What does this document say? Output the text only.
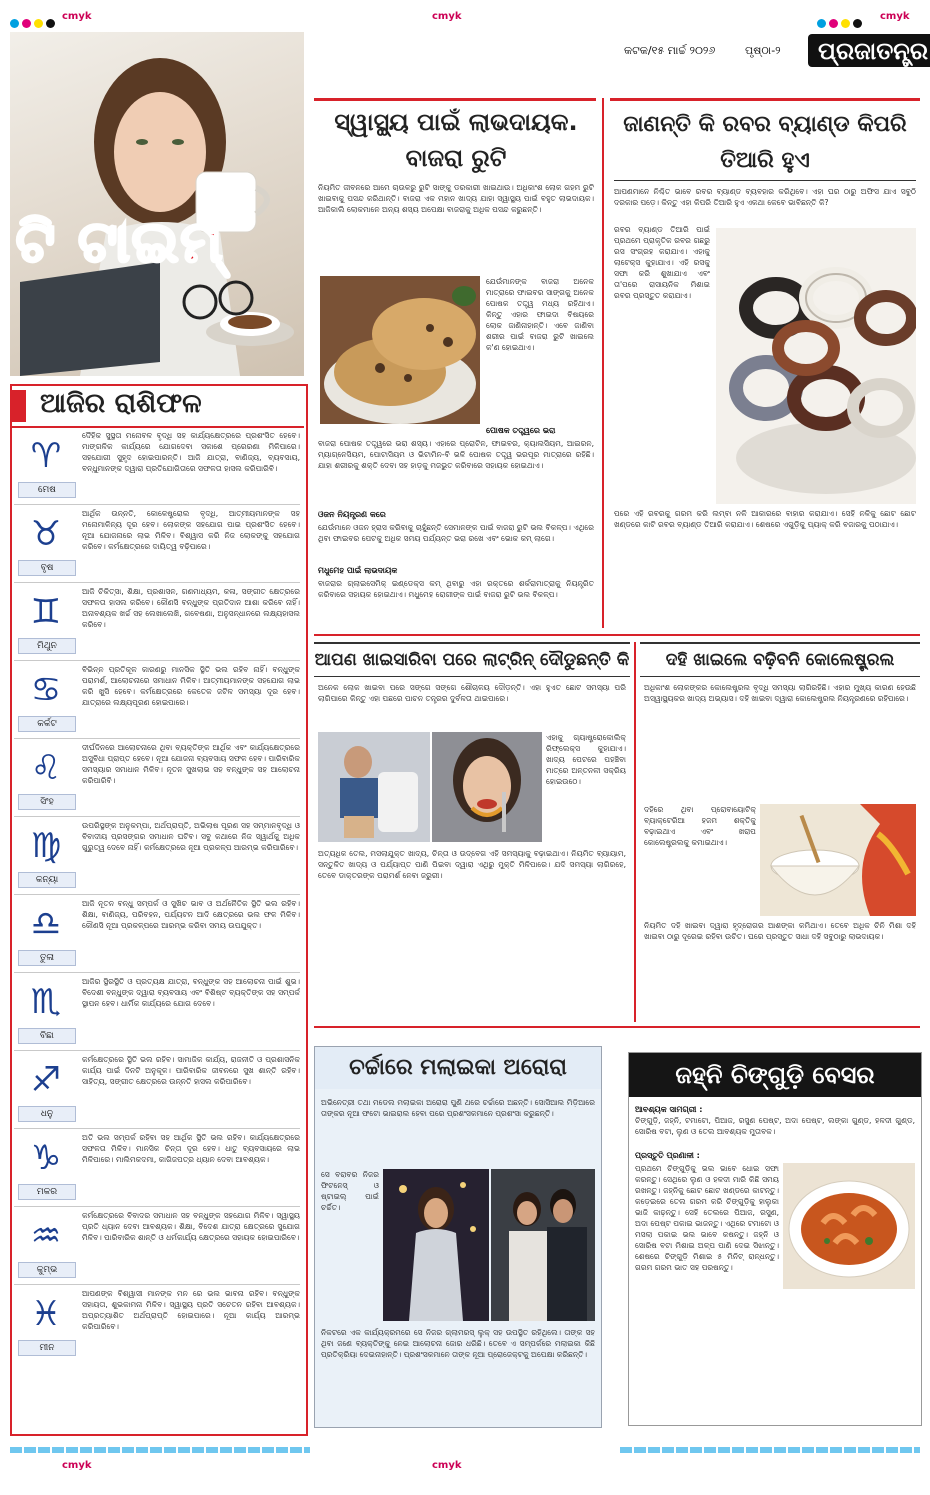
cmyk	cmyk	cmyk
କଟକ/୧୫ ମାର୍ଚ୍ଚ ୨୦୨୬	ପୃଷ୍ଠା-୨	ପ୍ରଜାତନ୍ତ୍ର
ଟି ଟାଇମ୍
ଆଜିର ରାଶିଫଳ
♈
ମେଷ
ଦୈହିକ ସୁସ୍ଥତା ମନୋବଳ ବୃଦ୍ଧି ସହ କାର୍ଯ୍ୟକ୍ଷେତ୍ରରେ ପ୍ରଶଂସିତ ହେବେ। ମାଙ୍ଗଳିକ କାର୍ଯ୍ୟରେ ଯୋଗଦେବା ସକାଶେ ପ୍ରେରଣା ମିଳିପାରେ। ସହଯୋଗୀ ସୁହୃଦ ହୋଇପାରନ୍ତି। ଆଜି ଯାତ୍ରା, ବାଣିଜ୍ୟ, ବ୍ୟବସାୟ, ବନ୍ଧୁମାନଙ୍କ ଦ୍ୱାରା ପ୍ରତିଯୋଗିତାରେ ସଫଳତା ହାସଲ କରିପାରିବି।
♉
ବୃଷ
ଆର୍ଥିକ ଉନ୍ନତି, କୋଳେଷ୍ଟ୍ରୋଲ ବୃଦ୍ଧି, ଆତ୍ମୀୟମାନଙ୍କ ସହ ମନୋମାଳିନ୍ୟ ଦୂର ହେବ। ଲୋକଙ୍କ ସହଯୋଗ ପାଇ ପ୍ରଶଂସିତ ହେବେ। ନୂଆ ଯୋଜନାରେ ଲାଭ ମିଳିବ। ବିଶ୍ୱାସ କରି ନିଜ ଲୋକଙ୍କୁ ସହଯୋଗ କରିବେ। କର୍ମକ୍ଷେତ୍ରରେ ଦାୟିତ୍ୱ ବଢ଼ିପାରେ।
♊
ମିଥୁନ
ଆଜି ଚିକିତ୍ସା, ଶିକ୍ଷା, ପ୍ରଶାସନ, ଗଣମାଧ୍ୟମ, କଳା, ସଙ୍ଗୀତ କ୍ଷେତ୍ରରେ ସଫଳତା ହାସଲ କରିବେ। କୌଣସି ବନ୍ଧୁଙ୍କ ପ୍ରତିଦାନ ଆଶା କରିବେ ନାହିଁ। ଅନାବଶ୍ୟକ ଖର୍ଚ୍ଚ ସହ ଲେଖାଲେଖି, ଗବେଷଣା, ଅନୁସନ୍ଧାନରେ ଲକ୍ଷ୍ୟହାସଲ କରିବେ।
♋
କର୍କଟ
ବିଭିନ୍ନ ପ୍ରତିକୂଳ କାରଣରୁ ମାନସିକ ସ୍ଥିତି ଭଲ ରହିବ ନାହିଁ। ବନ୍ଧୁଙ୍କ ପରାମର୍ଶ, ଆଲୋଚନାରେ ସମାଧାନ ମିଳିବ। ଆତ୍ମୀୟମାନଙ୍କ ସହଯୋଗ ଲାଭ କରି ଖୁସି ହେବେ। କର୍ମକ୍ଷେତ୍ରରେ କେତେକ ଜଟିଳ ସମସ୍ୟା ଦୂର ହେବ। ଯାତ୍ରାରେ ଲକ୍ଷ୍ୟପୂରଣ ହୋଇପାରେ।
♌
ସିଂହ
ଦୀର୍ଘଦିନରେ ଆଲୋଚନାରେ ଥିବା ବ୍ୟକ୍ତିଙ୍କ ଆର୍ଥିକ ଏବଂ କାର୍ଯ୍ୟକ୍ଷେତ୍ରରେ ଅସୁବିଧା ପ୍ରାପ୍ତ ହେବେ। ନୂଆ ଯୋଜନା ବ୍ୟବସାୟ ସଫଳ ହେବ। ପାରିବାରିକ ସମସ୍ୟାର ସମାଧାନ ମିଳିବ। ନୂତନ ସୁଖଲାଭ ସହ ବନ୍ଧୁଙ୍କ ସହ ଆଲୋଚନା କରିପାରିବି।
♍
କନ୍ୟା
ଉପରିସ୍ଥଙ୍କ ଅନୁକମ୍ପା, ଅର୍ଥପ୍ରାପ୍ତି, ଅଭିଲାଷ ପୂରଣ ସହ ସମ୍ମାନବୃଦ୍ଧି ଓ ବିବାଦୀୟ ପ୍ରସଙ୍ଗର ସମାଧାନ ଘଟିବ। ସବୁ କଥାରେ ନିଜ ସ୍ୱାର୍ଥକୁ ଅଧିକ ଗୁରୁତ୍ୱ ଦେବେ ନାହିଁ। କର୍ମକ୍ଷେତ୍ରରେ ନୂଆ ପ୍ରକଳ୍ପ ଆରମ୍ଭ କରିପାରିବେ।
♎
ତୁଳା
ଆଜି ନୂତନ ବନ୍ଧୁ ସମ୍ପର୍କ ଓ ସୁଖିଚ ଭାବ ଓ ଅର୍ଥନୈତିକ ସ୍ଥିତି ଭଲ ରହିବ। ଶିକ୍ଷା, ବାଣିଜ୍ୟ, ପରିବହନ, ପର୍ଯ୍ୟଟନ ଆଦି କ୍ଷେତ୍ରରେ ଭଲ ଫଳ ମିଳିବ। କୌଣସି ନୂଆ ପ୍ରକଳ୍ପରେ ଆରମ୍ଭ କରିବା ସମୟ ଉପଯୁକ୍ତ।
♏
ବିଛା
ଆଜିର ସ୍ଥିରସ୍ଥିତି ଓ ପ୍ରତ୍ୟକ୍ଷ ଯାତ୍ରା, ବନ୍ଧୁଙ୍କ ସହ ଆଲୋଚନା ପାଇଁ ଶୁଭ। ବିଦେଶୀ ବନ୍ଧୁଙ୍କ ଦ୍ୱାରା ବ୍ୟବସାୟ ଏବଂ ବିଶିଷ୍ଟ ବ୍ୟକ୍ତିଙ୍କ ସହ ସମ୍ପର୍କ ସ୍ଥାପନ ହେବ। ଧାର୍ମିକ କାର୍ଯ୍ୟରେ ଯୋଗ ଦେବେ।
♐
ଧନୁ
କର୍ମକ୍ଷେତ୍ରରେ ସ୍ଥିତି ଭଲ ରହିବ। ସାମାଜିକ କାର୍ଯ୍ୟ, ରାଜନୀତି ଓ ପ୍ରଶାସନିକ କାର୍ଯ୍ୟ ପାଇଁ ଦିନଟି ଅନୁକୂଳ। ପାରିବାରିକ ଜୀବନରେ ସୁଖ ଶାନ୍ତି ରହିବ। ସାହିତ୍ୟ, ସଙ୍ଗୀତ କ୍ଷେତ୍ରରେ ଉନ୍ନତି ହାସଲ କରିପାରିବେ।
♑
ମକର
ଅତି ଭଲ ସମ୍ପର୍କ ରହିବା ସହ ଆର୍ଥିକ ସ୍ଥିତି ଭଲ ରହିବ। କାର୍ଯ୍ୟକ୍ଷେତ୍ରରେ ସଫଳତା ମିଳିବ। ମାନସିକ ଚିନ୍ତା ଦୂର ହେବ। ଧାତୁ ବ୍ୟବସାୟରେ ଲାଭ ମିଳିପାରେ। ମାଲିମକଦମା, କାଗିଜପତ୍ର ଧ୍ୟାନ ଦେବା ଆବଶ୍ୟକ।
♒
କୁମ୍ଭ
କର୍ମକ୍ଷେତ୍ରରେ ବିବାଦର ସମାଧାନ ସହ ବନ୍ଧୁଙ୍କ ସହଯୋଗ ମିଳିବ। ସ୍ୱାସ୍ଥ୍ୟ ପ୍ରତି ଧ୍ୟାନ ଦେବା ଆବଶ୍ୟକ। ଶିକ୍ଷା, ବିଦେଶ ଯାତ୍ରା କ୍ଷେତ୍ରରେ ସୁଯୋଗ ମିଳିବ। ପାରିବାରିକ ଶାନ୍ତି ଓ ଧର୍ମକାର୍ଯ୍ୟ କ୍ଷେତ୍ରରେ ସହାୟକ ହୋଇପାରିବେ।
♓
ମୀନ
ଆପଣଙ୍କ ବିଶ୍ୱାସୀ ମାନଙ୍କ ମନ ରେ ଭଲ ଭାବନା ରହିବ। ବନ୍ଧୁଙ୍କ ସହାୟତା, ଶୁଭକାମନା ମିଳିବ। ସ୍ୱାସ୍ଥ୍ୟ ପ୍ରତି ସଚେତନ ରହିବା ଆବଶ୍ୟକ। ଅପ୍ରତ୍ୟାଶିତ ଅର୍ଥପ୍ରାପ୍ତି ହୋଇପାରେ। ନୂଆ କାର୍ଯ୍ୟ ଆରମ୍ଭ କରିପାରିବେ।
ସ୍ୱାସ୍ଥ୍ୟ ପାଇଁ ଲାଭଦାୟକ.
ବାଜରା ରୁଟି
ନିୟମିତ ଜୀବନରେ ଆମେ ଚାଉଳରୁ ରୁଟି ସାଙ୍କୁ ଡରକାରୀ ଖାଇଥାଉ। ଅଧିକାଂଶ ଲୋକ ଗହମ ରୁଟି ଖାଇବାକୁ ପସନ୍ଦ କରିଥାନ୍ତି। ବାଜରା ଏକ ମହାନ ଖାଦ୍ୟ ଯାହା ସ୍ୱାସ୍ଥ୍ୟ ପାଇଁ ବହୁତ ଲାଭଦାୟକ। ଆଜିକାଲି ଲୋକମାନେ ଅନ୍ୟ ଶସ୍ୟ ଅପେକ୍ଷା ବାଜରାକୁ ଅଧିକ ପସନ୍ଦ କରୁଛନ୍ତି।
ଯେଉଁମାନଙ୍କ ବାଜରା ଅନେକ ମାତ୍ରାରେ ଫାଇବର ସାଙ୍ଗକୁ ଅନେକ ପୋଷକ ତତ୍ତ୍ୱ ମଧ୍ୟ ରହିଥାଏ। କିନ୍ତୁ ଏହାର ଫାଇଦା ବିଷୟରେ ଲୋକ ଜାଣିନାହାନ୍ତି। ଏବେ ଜାଣିବା ଶରୀର ପାଇଁ ବାଜରା ରୁଟି ଖାଇଲେ କ'ଣ ହୋଇଥାଏ।
ପୋଷକ ତତ୍ତ୍ୱରେ ଭରା
ବାଜରା ପୋଷକ ତତ୍ତ୍ୱରେ ଭରା ଶସ୍ୟ। ଏହାରେ ପ୍ରୋଟିନ, ଫାଇବର, କ୍ୟାଲସିୟମ, ଆଇରନ, ମ୍ୟାଗ୍ନେସିୟମ, ପୋଟାସିୟମ ଓ ଭିଟାମିନ-ବି ଭଳି ପୋଷକ ତତ୍ତ୍ୱ ଭରପୂର ମାତ୍ରାରେ ରହିଛି। ଯାହା ଶରୀରକୁ ଶକ୍ତି ଦେବା ସହ ହାଡ଼କୁ ମଜଭୁତ କରିବାରେ ସହାୟକ ହୋଇଥାଏ।
ଓଜନ ନିୟନ୍ତ୍ରଣ କରେ
ଯେଉଁମାନେ ଓଜନ ହ୍ରାସ କରିବାକୁ ଚାହୁଁଛନ୍ତି ସେମାନଙ୍କ ପାଇଁ ବାଜରା ରୁଟି ଭଲ ବିକଳ୍ପ। ଏଥିରେ ଥିବା ଫାଇବର ପେଟକୁ ଅଧିକ ସମୟ ପର୍ଯ୍ୟନ୍ତ ଭରା ରଖେ ଏବଂ ଭୋକ କମ୍ ଲାଗେ।
ମଧୁମେହ ପାଇଁ ଲାଭଦାୟକ
ବାଜରାର ଗ୍ଲାଇସେମିକ୍ ଇଣ୍ଡେକ୍ସ କମ୍ ଥିବାରୁ ଏହା ରକ୍ତରେ ଶର୍କରାମାତ୍ରାକୁ ନିୟନ୍ତ୍ରିତ କରିବାରେ ସହାୟକ ହୋଇଥାଏ। ମଧୁମେହ ରୋଗୀଙ୍କ ପାଇଁ ବାଜରା ରୁଟି ଭଲ ବିକଳ୍ପ।
ଜାଣନ୍ତି କି ରବର ବ୍ୟାଣ୍ଡ କିପରି
ତିଆରି ହୁଏ
ଆପଣମାନେ ନିଶ୍ଚିତ ଭାବେ ରବର ବ୍ୟାଣ୍ଡ ବ୍ୟବହାର କରିଥିବେ। ଏହା ଘର ଠାରୁ ଅଫିସ ଯାଏ ସବୁଠି ଦରକାର ପଡ଼େ। କିନ୍ତୁ ଏହା କିପରି ତିଆରି ହୁଏ ଏକଥା କେବେ ଭାବିଛନ୍ତି କି?
ରବର ବ୍ୟାଣ୍ଡ ତିଆରି ପାଇଁ ପ୍ରଥମେ ପ୍ରାକୃତିକ ରବର ଗଛରୁ ରସ ସଂଗ୍ରହ କରାଯାଏ। ଏହାକୁ ଲାଟେକ୍ସ କୁହାଯାଏ। ଏହି ରସକୁ ସଫା କରି ଶୁଖାଯାଏ ଏବଂ ତା'ପରେ ରାସାୟନିକ ମିଶାଇ ରବର ପ୍ରସ୍ତୁତ କରାଯାଏ।
ପରେ ଏହି ରବରକୁ ଗରମ କରି ଲମ୍ବା ନଳି ଆକାରରେ ବାହାର କରାଯାଏ। ସେହି ନଳିକୁ ଛୋଟ ଛୋଟ ଖଣ୍ଡରେ କାଟି ରବର ବ୍ୟାଣ୍ଡ ତିଆରି କରାଯାଏ। ଶେଷରେ ଏଗୁଡ଼ିକୁ ପ୍ୟାକ୍ କରି ବଜାରକୁ ପଠାଯାଏ।
ଆପଣ ଖାଇସାରିବା ପରେ ଲାଟ୍ରିନ୍ ଦୌଡୁଛନ୍ତି କି
ଅନେକ ଲୋକ ଖାଇବା ପରେ ସଙ୍ଗେ ସଙ୍ଗେ ଶୌଚାଳୟ ଦୌଡ଼ନ୍ତି। ଏହା ହୁଏତ ଛୋଟ ସମସ୍ୟା ପରି ଲାଗିପାରେ କିନ୍ତୁ ଏହା ପଛରେ ପାଚନ ତନ୍ତ୍ରର ଦୁର୍ବଳତା ଥାଇପାରେ।
ଏହାକୁ ଗ୍ୟାଷ୍ଟ୍ରୋକୋଲିକ୍ ରିଫ୍ଲେକ୍ସ କୁହାଯାଏ। ଖାଦ୍ୟ ପେଟରେ ପହଞ୍ଚିବା ମାତ୍ରେ ଅନ୍ତନଳୀ ସକ୍ରିୟ ହୋଇଉଠେ।
ଅତ୍ୟଧିକ ତେଲ, ମସଲାଯୁକ୍ତ ଖାଦ୍ୟ, ଚିନ୍ତା ଓ ଉଦ୍ବେଗ ଏହି ସମସ୍ୟାକୁ ବଢ଼ାଇଥାଏ। ନିୟମିତ ବ୍ୟାୟାମ, ସନ୍ତୁଳିତ ଖାଦ୍ୟ ଓ ପର୍ଯ୍ୟାପ୍ତ ପାଣି ପିଇବା ଦ୍ୱାରା ଏଥିରୁ ମୁକ୍ତି ମିଳିପାରେ। ଯଦି ସମସ୍ୟା ଲାଗିରହେ, ତେବେ ଡାକ୍ତରଙ୍କ ପରାମର୍ଶ ନେବା ଜରୁରୀ।
ଦହି ଖାଇଲେ ବଢ଼ିବନି କୋଲେଷ୍ଟ୍ରଲ
ଅଧିକାଂଶ ଲୋକଙ୍କର କୋଲେଷ୍ଟ୍ରଲ ବୃଦ୍ଧି ସମସ୍ୟା ଲାଗିରହିଛି। ଏହାର ମୁଖ୍ୟ କାରଣ ହେଉଛି ଅସ୍ୱାସ୍ଥ୍ୟକର ଖାଦ୍ୟ ଅଭ୍ୟାସ। ଦହି ଖାଇବା ଦ୍ୱାରା କୋଲେଷ୍ଟ୍ରଲ ନିୟନ୍ତ୍ରଣରେ ରହିପାରେ।
ଦହିରେ ଥିବା ପ୍ରୋବାୟୋଟିକ୍ ବ୍ୟାକ୍ଟେରିଆ ହଜମ ଶକ୍ତିକୁ ବଢ଼ାଇଥାଏ ଏବଂ ଖରାପ କୋଲେଷ୍ଟ୍ରଲକୁ କମାଇଥାଏ।
ନିୟମିତ ଦହି ଖାଇବା ଦ୍ୱାରା ହୃଦ୍ରୋଗର ଆଶଙ୍କା କମିଥାଏ। ତେବେ ଅଧିକ ଚିନି ମିଶା ଦହି ଖାଇବା ଠାରୁ ଦୂରେଇ ରହିବା ଉଚିତ। ଘରେ ପ୍ରସ୍ତୁତ ସାଧା ଦହି ସବୁଠାରୁ ଲାଭଦାୟକ।
ଚର୍ଚ୍ଚାରେ ମଲାଇକା ଅରୋରା
ଅଭିନେତ୍ରୀ ତଥା ମଡେଲ ମଲାଇକା ଅରୋରା ପୁଣି ଥରେ ଚର୍ଚ୍ଚାରେ ଅଛନ୍ତି। ସୋସିଆଲ ମିଡ଼ିଆରେ ତାଙ୍କର ନୂଆ ଫଟୋ ଭାଇରାଲ ହେବା ପରେ ପ୍ରଶଂସକମାନେ ପ୍ରଶଂସା କରୁଛନ୍ତି।
ସେ ବରାବର ନିଜର ଫିଟନେସ୍ ଓ ଷ୍ଟାଇଲ୍ ପାଇଁ ଚର୍ଚ୍ଚିତ।
ନିକଟରେ ଏକ କାର୍ଯ୍ୟକ୍ରମରେ ସେ ନିଜର ଗ୍ଲାମରସ୍ ଲୁକ୍ ସହ ଉପସ୍ଥିତ ରହିଥିଲେ। ତାଙ୍କ ସହ ଥିବା ଜଣେ ବ୍ୟକ୍ତିଙ୍କୁ ନେଇ ଆଲୋଚନା ଜୋର ଧରିଛି। ତେବେ ଏ ସମ୍ପର୍କରେ ମଲାଇକା କିଛି ପ୍ରତିକ୍ରିୟା ଦେଇନାହାନ୍ତି। ପ୍ରଶଂସକମାନେ ତାଙ୍କ ନୂଆ ପ୍ରୋଜେକ୍ଟକୁ ଅପେକ୍ଷା କରିଛନ୍ତି।
ଜହ୍ନି ଚିଙ୍ଗୁଡ଼ି ବେସର
ଆବଶ୍ୟକ ସାମଗ୍ରୀ :
ଚିଙ୍ଗୁଡ଼ି, ଜହ୍ନି, ଟମାଟୋ, ପିଆଜ, ରସୁଣ ପେଷ୍ଟ, ଅଦା ପେଷ୍ଟ, ଲଙ୍କା ଗୁଣ୍ଡ, ହଳଦୀ ଗୁଣ୍ଡ, ସୋରିଷ ବଟା, ଲୁଣ ଓ ତେଲ ଆବଶ୍ୟକ ମୁତାବକ।
ପ୍ରସ୍ତୁତି ପ୍ରଣାଳୀ :
ପ୍ରଥମେ ଚିଙ୍ଗୁଡ଼ିକୁ ଭଲ ଭାବେ ଧୋଇ ସଫା କରନ୍ତୁ। ସେଥିରେ ଲୁଣ ଓ ହଳଦୀ ମାରି କିଛି ସମୟ ରଖନ୍ତୁ। ଜହ୍ନିକୁ ଛୋଟ ଛୋଟ ଖଣ୍ଡରେ କାଟନ୍ତୁ। କଡ଼େଇରେ ତେଲ ଗରମ କରି ଚିଙ୍ଗୁଡ଼ିକୁ ହାଲୁକା ଭାଜି କାଢ଼ନ୍ତୁ। ସେହି ତେଲରେ ପିଆଜ, ରସୁଣ, ଅଦା ପେଷ୍ଟ ପକାଇ ଭାଜନ୍ତୁ। ଏଥିରେ ଟମାଟୋ ଓ ମସଲା ପକାଇ ଭଲ ଭାବେ କଷନ୍ତୁ। ଜହ୍ନି ଓ ସୋରିଷ ବଟା ମିଶାଇ ଅଳ୍ପ ପାଣି ଦେଇ ସିଝାନ୍ତୁ। ଶେଷରେ ଚିଙ୍ଗୁଡ଼ି ମିଶାଇ ୫ ମିନିଟ୍ ରାନ୍ଧନ୍ତୁ। ଗରମ ଗରମ ଭାତ ସହ ପରଷନ୍ତୁ।
cmyk	cmyk
